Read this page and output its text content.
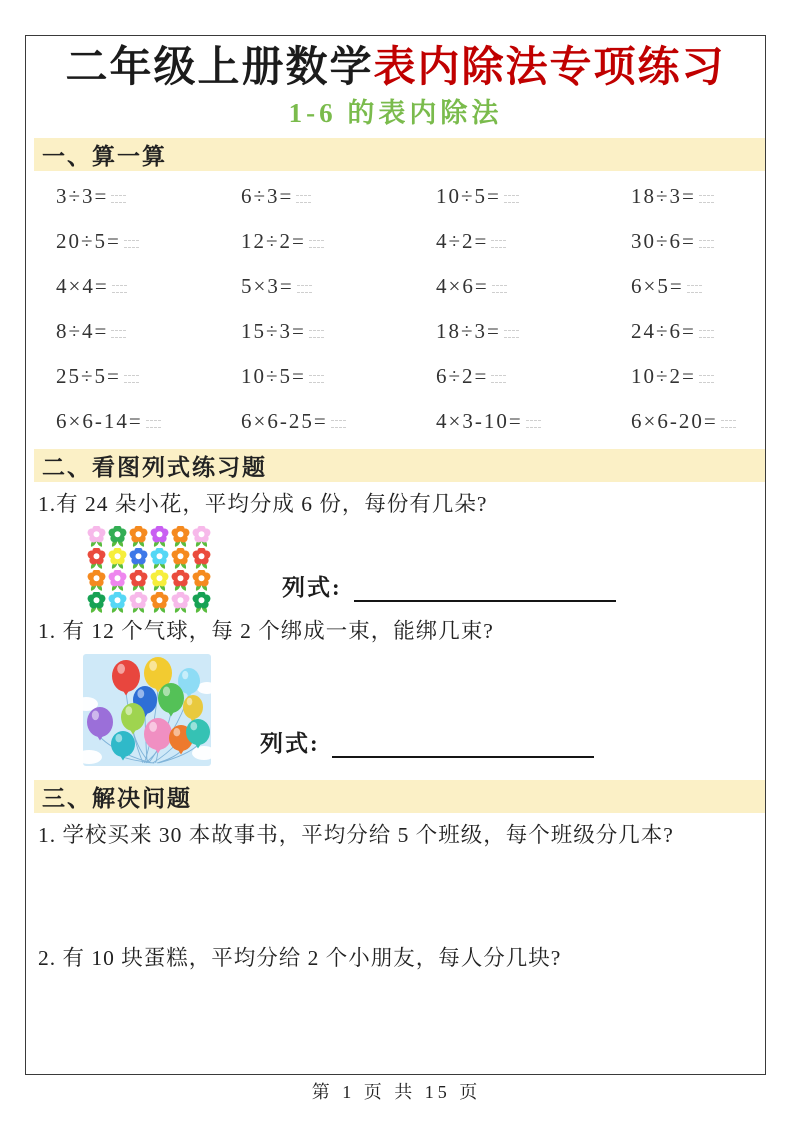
二年级上册数学表内除法专项练习
1-6 的表内除法
一、算一算
3÷3=	6÷3=	10÷5=	18÷3=
20÷5=	12÷2=	4÷2=	30÷6=
4×4=	5×3=	4×6=	6×5=
8÷4=	15÷3=	18÷3=	24÷6=
25÷5=	10÷5=	6÷2=	10÷2=
6×6-14=	6×6-25=	4×3-10=	6×6-20=
二、看图列式练习题

1.有 24 朵小花，平均分成 6 份，每份有几朵?

列式:

1. 有 12 个气球，每 2 个绑成一束，能绑几束?

列式:
三、解决问题

1. 学校买来 30 本故事书，平均分给 5 个班级，每个班级分几本?

2. 有 10 块蛋糕，平均分给 2 个小朋友，每人分几块?

第 1 页 共 15 页
